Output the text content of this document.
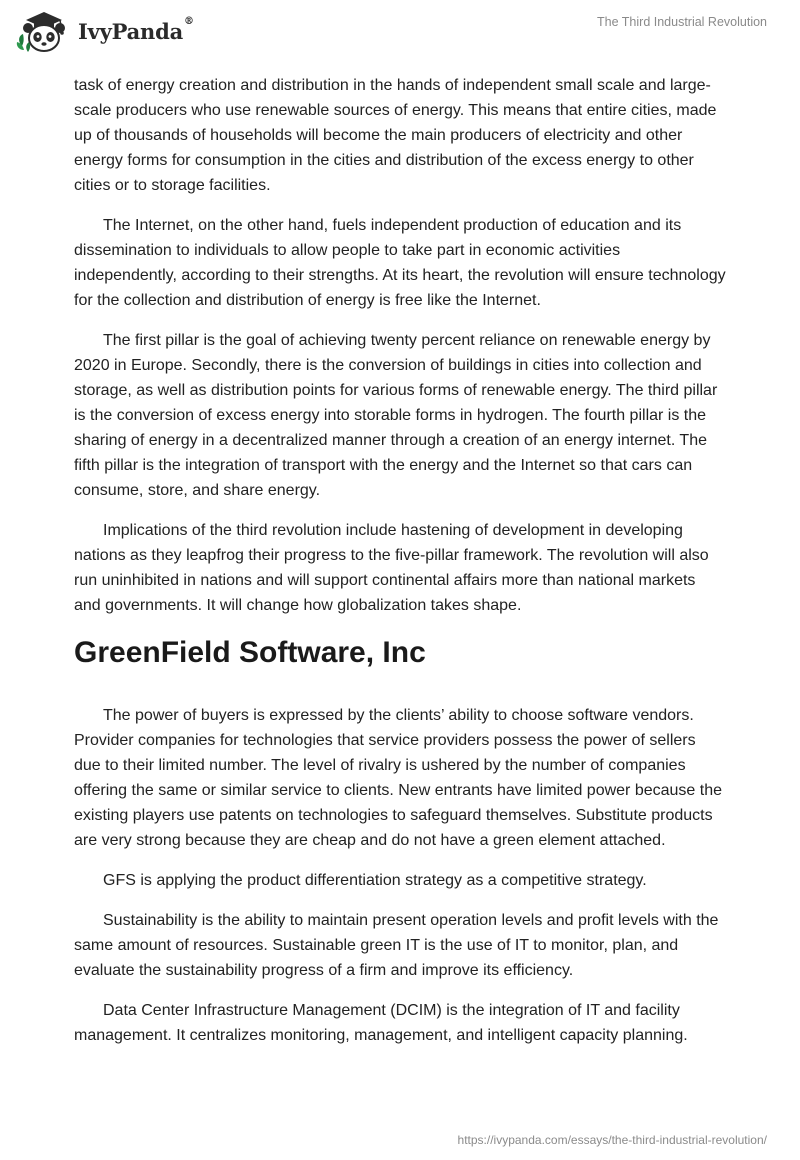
IvyPanda®	The Third Industrial Revolution

task of energy creation and distribution in the hands of independent small scale and large-scale producers who use renewable sources of energy. This means that entire cities, made up of thousands of households will become the main producers of electricity and other energy forms for consumption in the cities and distribution of the excess energy to other cities or to storage facilities.

The Internet, on the other hand, fuels independent production of education and its dissemination to individuals to allow people to take part in economic activities independently, according to their strengths. At its heart, the revolution will ensure technology for the collection and distribution of energy is free like the Internet.

The first pillar is the goal of achieving twenty percent reliance on renewable energy by 2020 in Europe. Secondly, there is the conversion of buildings in cities into collection and storage, as well as distribution points for various forms of renewable energy. The third pillar is the conversion of excess energy into storable forms in hydrogen. The fourth pillar is the sharing of energy in a decentralized manner through a creation of an energy internet. The fifth pillar is the integration of transport with the energy and the Internet so that cars can consume, store, and share energy.

Implications of the third revolution include hastening of development in developing nations as they leapfrog their progress to the five-pillar framework. The revolution will also run uninhibited in nations and will support continental affairs more than national markets and governments. It will change how globalization takes shape.

GreenField Software, Inc

The power of buyers is expressed by the clients’ ability to choose software vendors. Provider companies for technologies that service providers possess the power of sellers due to their limited number. The level of rivalry is ushered by the number of companies offering the same or similar service to clients. New entrants have limited power because the existing players use patents on technologies to safeguard themselves. Substitute products are very strong because they are cheap and do not have a green element attached.

GFS is applying the product differentiation strategy as a competitive strategy.

Sustainability is the ability to maintain present operation levels and profit levels with the same amount of resources. Sustainable green IT is the use of IT to monitor, plan, and evaluate the sustainability progress of a firm and improve its efficiency.

Data Center Infrastructure Management (DCIM) is the integration of IT and facility management. It centralizes monitoring, management, and intelligent capacity planning.

https://ivypanda.com/essays/the-third-industrial-revolution/
